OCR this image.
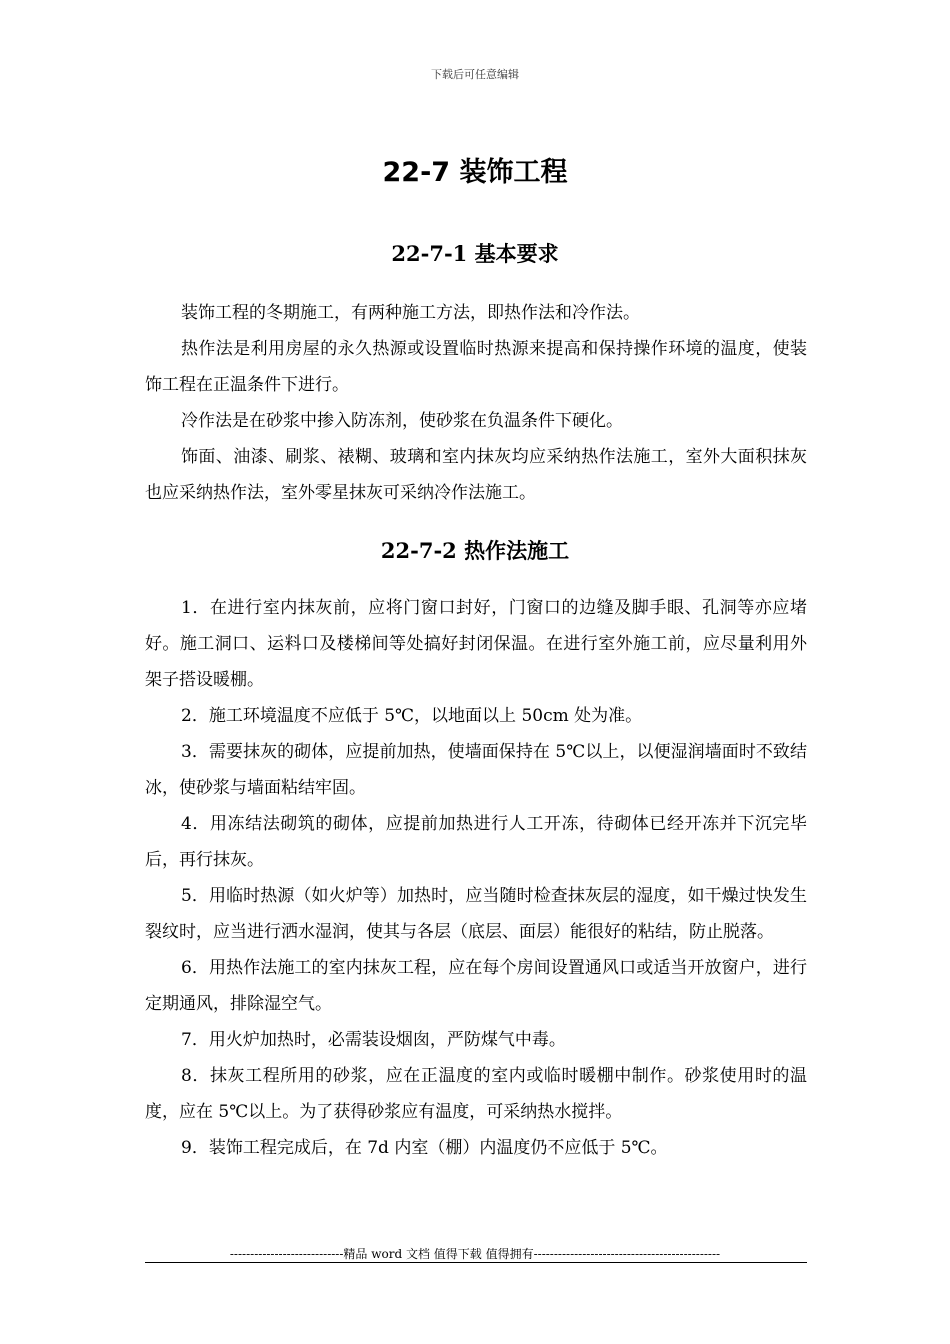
下载后可任意编辑
22-7 装饰工程
22-7-1 基本要求

装饰工程的冬期施工，有两种施工方法，即热作法和冷作法。

热作法是利用房屋的永久热源或设置临时热源来提高和保持操作环境的温度，使装饰工程在正温条件下进行。

冷作法是在砂浆中掺入防冻剂，使砂浆在负温条件下硬化。

饰面、油漆、刷浆、裱糊、玻璃和室内抹灰均应采纳热作法施工，室外大面积抹灰也应采纳热作法，室外零星抹灰可采纳冷作法施工。

22-7-2 热作法施工

1．在进行室内抹灰前，应将门窗口封好，门窗口的边缝及脚手眼、孔洞等亦应堵好。施工洞口、运料口及楼梯间等处搞好封闭保温。在进行室外施工前，应尽量利用外架子搭设暖棚。

2．施工环境温度不应低于 5℃，以地面以上 50cm 处为准。

3．需要抹灰的砌体，应提前加热，使墙面保持在 5℃以上，以便湿润墙面时不致结冰，使砂浆与墙面粘结牢固。

4．用冻结法砌筑的砌体，应提前加热进行人工开冻，待砌体已经开冻并下沉完毕后，再行抹灰。

5．用临时热源（如火炉等）加热时，应当随时检查抹灰层的湿度，如干燥过快发生裂纹时，应当进行洒水湿润，使其与各层（底层、面层）能很好的粘结，防止脱落。

6．用热作法施工的室内抹灰工程，应在每个房间设置通风口或适当开放窗户，进行定期通风，排除湿空气。

7．用火炉加热时，必需装设烟囱，严防煤气中毒。

8．抹灰工程所用的砂浆，应在正温度的室内或临时暖棚中制作。砂浆使用时的温度，应在 5℃以上。为了获得砂浆应有温度，可采纳热水搅拌。

9．装饰工程完成后，在 7d 内室（棚）内温度仍不应低于 5℃。

----------------------------精品 word 文档 值得下载 值得拥有----------------------------------------------
